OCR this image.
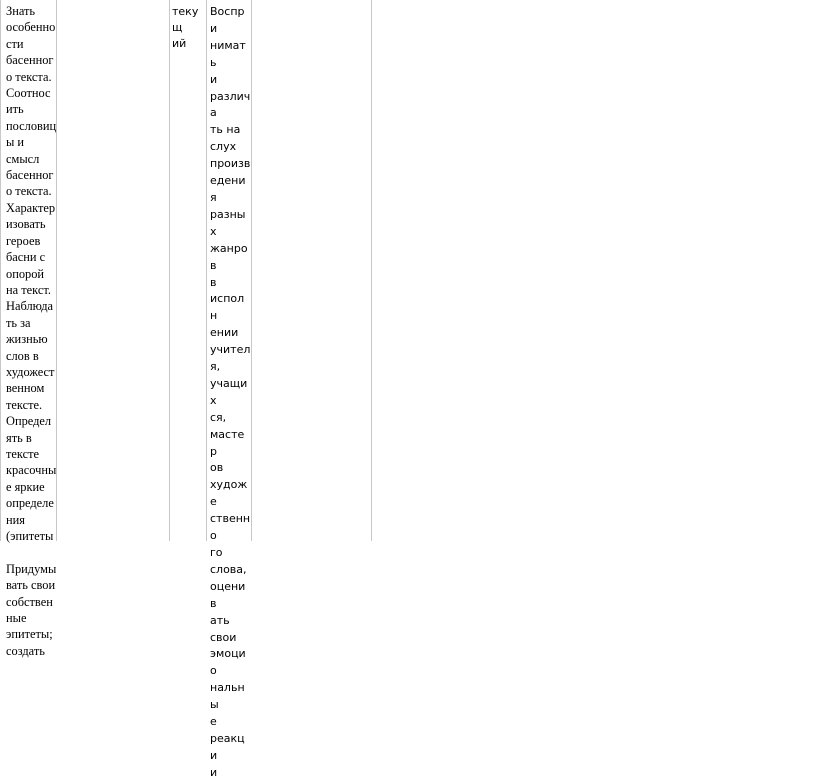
Знать
особенно
сти
басенног
о текста.
Соотнос
ить
пословиц
ы и
смысл
басенног
о текста.
Характер
изовать
героев
басни с
опорой
на текст.
Наблюда
ть за
жизнью
слов в
художест
венном
тексте.
Определ
ять в
тексте
красочны
е яркие
определе
ния
(эпитеты

Придумы
вать свои
собствен
ные
эпитеты;
создать
текущ
ий
Воспри
нимать
и
различа
ть на
слух
произв
едения
разных
жанров
в
исполн
ении
учител
я,
учащих
ся,
мастер
ов
художе
ственно
го
слова,
оценив
ать
свои
эмоцио
нальны
е
реакци
и
